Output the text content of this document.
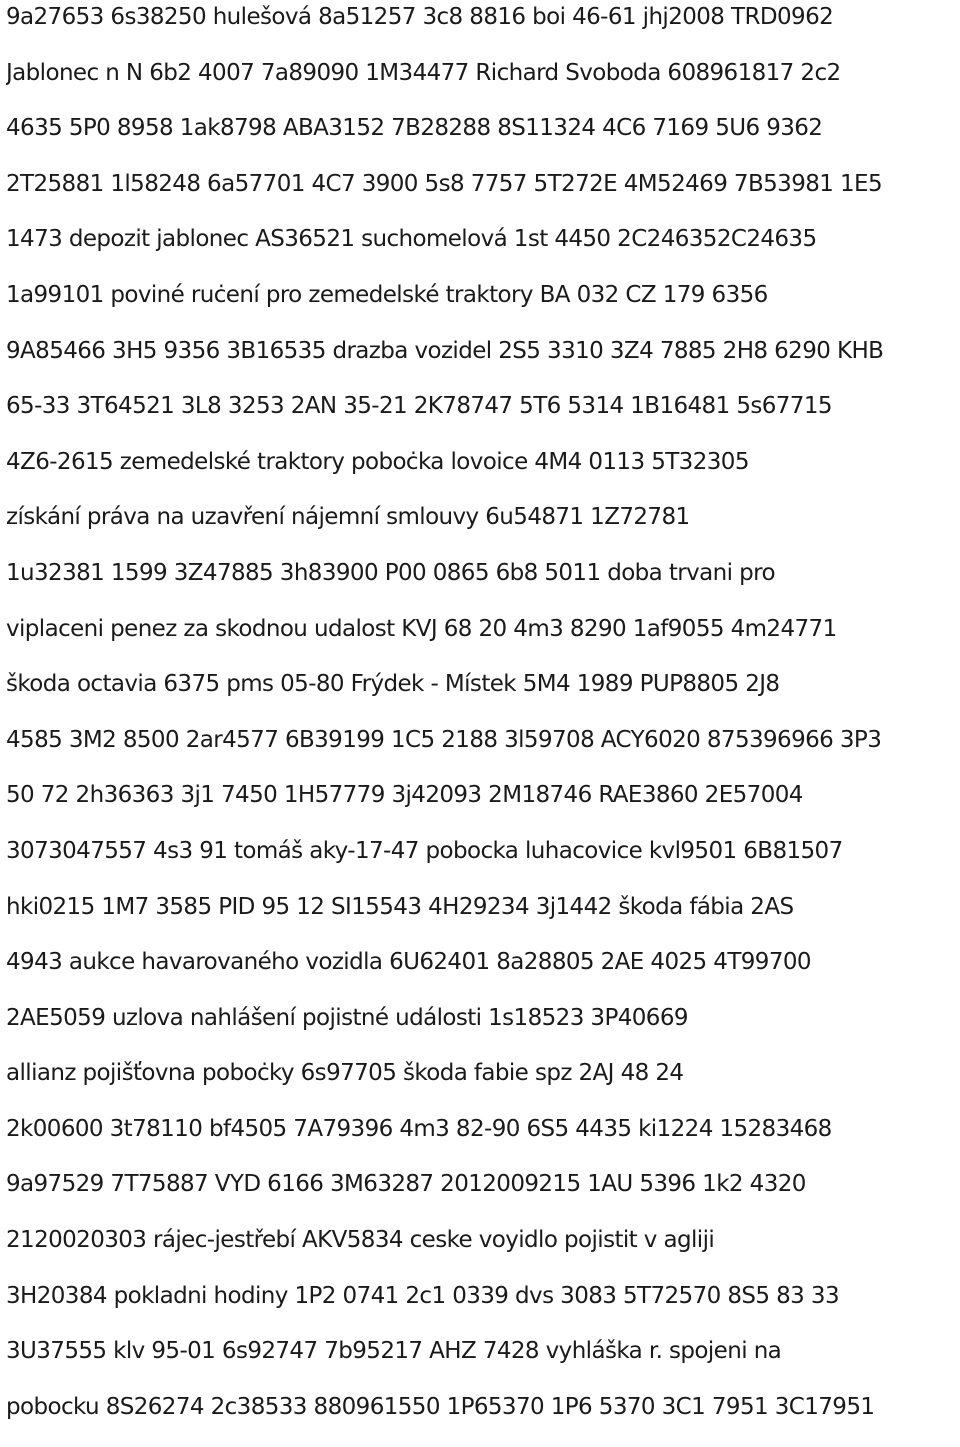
9a27653 6s38250 hulešová 8a51257 3c8 8816 boi 46-61 jhj2008 TRD0962
Jablonec n N 6b2 4007 7a89090 1M34477 Richard Svoboda 608961817 2c2
4635 5P0 8958 1ak8798 ABA3152 7B28288 8S11324 4C6 7169 5U6 9362
2T25881 1l58248 6a57701 4C7 3900 5s8 7757 5T272E 4M52469 7B53981 1E5
1473 depozit jablonec AS36521 suchomelová 1st 4450 2C246352C24635
1a99101 poviné ruċení pro zemedelské traktory BA 032 CZ 179 6356
9A85466 3H5 9356 3B16535 drazba vozidel 2S5 3310 3Z4 7885 2H8 6290 KHB
65-33 3T64521 3L8 3253 2AN 35-21 2K78747 5T6 5314 1B16481 5s67715
4Z6-2615 zemedelské traktory poboċka lovoice 4M4 0113 5T32305
získání práva na uzavření nájemní smlouvy 6u54871 1Z72781
1u32381 1599 3Z47885 3h83900 P00 0865 6b8 5011 doba trvani pro
viplaceni penez za skodnou udalost KVJ 68 20 4m3 8290 1af9055 4m24771
škoda octavia 6375 pms 05-80 Frýdek - Místek 5M4 1989 PUP8805 2J8
4585 3M2 8500 2ar4577 6B39199 1C5 2188 3l59708 ACY6020 875396966 3P3
50 72 2h36363 3j1 7450 1H57779 3j42093 2M18746 RAE3860 2E57004
3073047557 4s3 91 tomáš aky-17-47 pobocka luhacovice kvl9501 6B81507
hki0215 1M7 3585 PID 95 12 SI15543 4H29234 3j1442 škoda fábia 2AS
4943 aukce havarovaného vozidla 6U62401 8a28805 2AE 4025 4T99700
2AE5059 uzlova nahlášení pojistné události 1s18523 3P40669
allianz pojišťovna poboċky 6s97705 škoda fabie spz 2AJ 48 24
2k00600 3t78110 bf4505 7A79396 4m3 82-90 6S5 4435 ki1224 15283468
9a97529 7T75887 VYD 6166 3M63287 2012009215 1AU 5396 1k2 4320
2120020303 rájec-jestřebí AKV5834 ceske voyidlo pojistit v agliji
3H20384 pokladni hodiny 1P2 0741 2c1 0339 dvs 3083 5T72570 8S5 83 33
3U37555 klv 95-01 6s92747 7b95217 AHZ 7428 vyhláška r. spojeni na
pobocku 8S26274 2c38533 880961550 1P65370 1P6 5370 3C1 7951 3C17951
